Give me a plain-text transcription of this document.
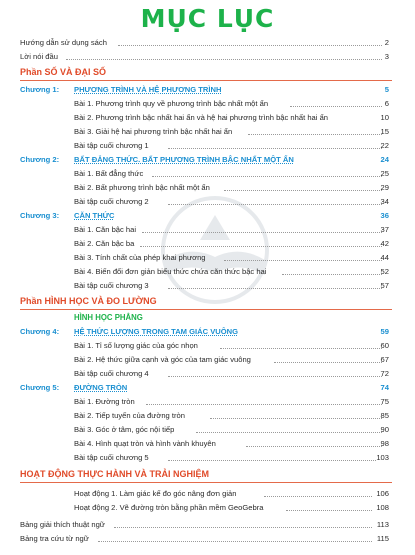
MỤC LỤC
Hướng dẫn sử dụng sách	2
Lời nói đầu	3
Phần SỐ VÀ ĐẠI SỐ
Chương 1: PHƯƠNG TRÌNH VÀ HỆ PHƯƠNG TRÌNH	5
Bài 1. Phương trình quy về phương trình bậc nhất một ẩn	6
Bài 2. Phương trình bậc nhất hai ẩn và hệ hai phương trình bậc nhất hai ẩn	10
Bài 3. Giải hệ hai phương trình bậc nhất hai ẩn	15
Bài tập cuối chương 1	22
Chương 2: BẤT ĐẲNG THỨC. BẤT PHƯƠNG TRÌNH BẬC NHẤT MỘT ẨN	24
Bài 1. Bất đẳng thức	25
Bài 2. Bất phương trình bậc nhất một ẩn	29
Bài tập cuối chương 2	34
Chương 3: CĂN THỨC	36
Bài 1. Căn bậc hai	37
Bài 2. Căn bậc ba	42
Bài 3. Tính chất của phép khai phương	44
Bài 4. Biến đổi đơn giản biểu thức chứa căn thức bậc hai	52
Bài tập cuối chương 3	57
Phần HÌNH HỌC VÀ ĐO LƯỜNG
HÌNH HỌC PHẲNG
Chương 4: HỆ THỨC LƯỢNG TRONG TAM GIÁC VUÔNG	59
Bài 1. Tỉ số lượng giác của góc nhọn	60
Bài 2. Hệ thức giữa cạnh và góc của tam giác vuông	67
Bài tập cuối chương 4	72
Chương 5: ĐƯỜNG TRÒN	74
Bài 1. Đường tròn	75
Bài 2. Tiếp tuyến của đường tròn	85
Bài 3. Góc ở tâm, góc nội tiếp	90
Bài 4. Hình quạt tròn và hình vành khuyên	98
Bài tập cuối chương 5	103
HOẠT ĐỘNG THỰC HÀNH VÀ TRẢI NGHIỆM
Hoạt động 1. Làm giác kế đo góc nâng đơn giản	106
Hoạt động 2. Vẽ đường tròn bằng phần mềm GeoGebra	108
Bảng giải thích thuật ngữ	113
Bảng tra cứu từ ngữ	115
